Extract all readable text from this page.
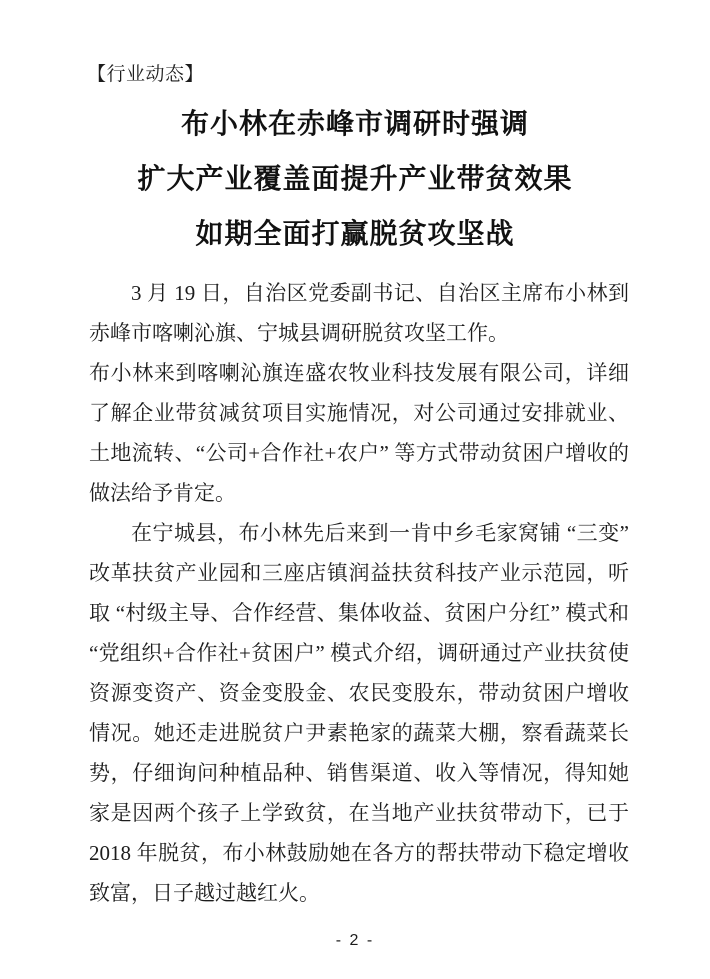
【行业动态】
布小林在赤峰市调研时强调
扩大产业覆盖面提升产业带贫效果
如期全面打赢脱贫攻坚战

3 月 19 日，自治区党委副书记、自治区主席布小林到赤峰市喀喇沁旗、宁城县调研脱贫攻坚工作。

布小林来到喀喇沁旗连盛农牧业科技发展有限公司，详细了解企业带贫减贫项目实施情况，对公司通过安排就业、土地流转、“公司+合作社+农户” 等方式带动贫困户增收的做法给予肯定。

在宁城县，布小林先后来到一肯中乡毛家窝铺 “三变” 改革扶贫产业园和三座店镇润益扶贫科技产业示范园，听取 “村级主导、合作经营、集体收益、贫困户分红” 模式和 “党组织+合作社+贫困户” 模式介绍，调研通过产业扶贫使资源变资产、资金变股金、农民变股东，带动贫困户增收情况。她还走进脱贫户尹素艳家的蔬菜大棚，察看蔬菜长势，仔细询问种植品种、销售渠道、收入等情况，得知她家是因两个孩子上学致贫，在当地产业扶贫带动下，已于 2018 年脱贫，布小林鼓励她在各方的帮扶带动下稳定增收致富，日子越过越红火。

- 2 -
